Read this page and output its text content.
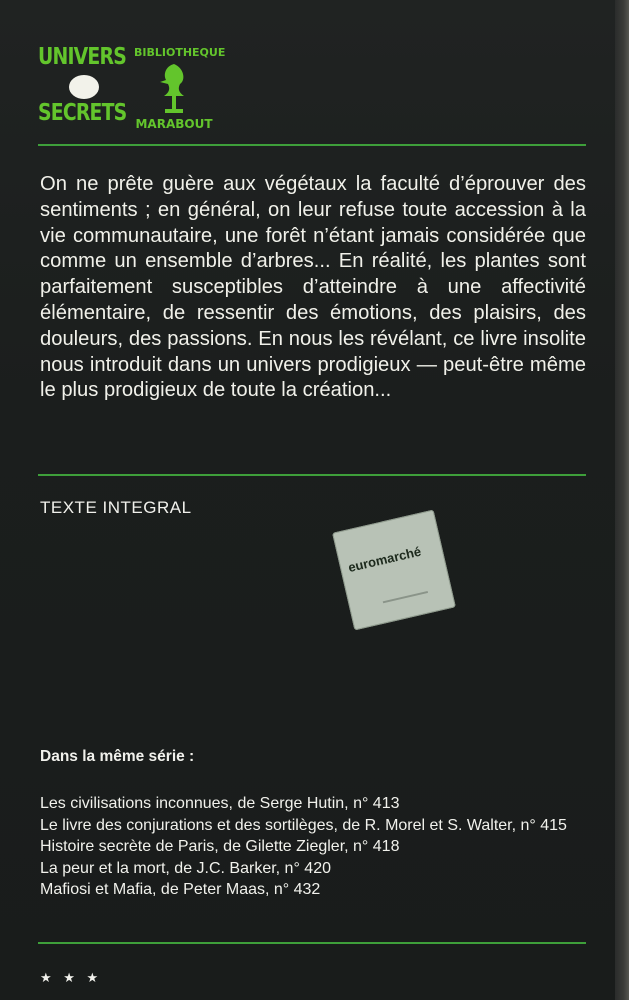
UNIVERS
SECRETS
BIBLIOTHEQUE
MARABOUT

On ne prête guère aux végétaux la faculté d’éprouver des sentiments ; en général, on leur refuse toute accession à la vie communautaire, une forêt n’étant jamais considérée que comme un ensemble d’arbres... En réalité, les plantes sont parfaitement susceptibles d’atteindre à une affectivité élémentaire, de ressentir des émotions, des plaisirs, des douleurs, des passions. En nous les révélant, ce livre insolite nous introduit dans un univers prodigieux — peut-être même le plus prodigieux de toute la création...

TEXTE INTEGRAL
euromarché
Dans la même série :
Les civilisations inconnues, de Serge Hutin, n° 413
Le livre des conjurations et des sortilèges, de R. Morel et S. Walter, n° 415
Histoire secrète de Paris, de Gilette Ziegler, n° 418
La peur et la mort, de J.C. Barker, n° 420
Mafiosi et Mafia, de Peter Maas, n° 432
★ ★ ★
